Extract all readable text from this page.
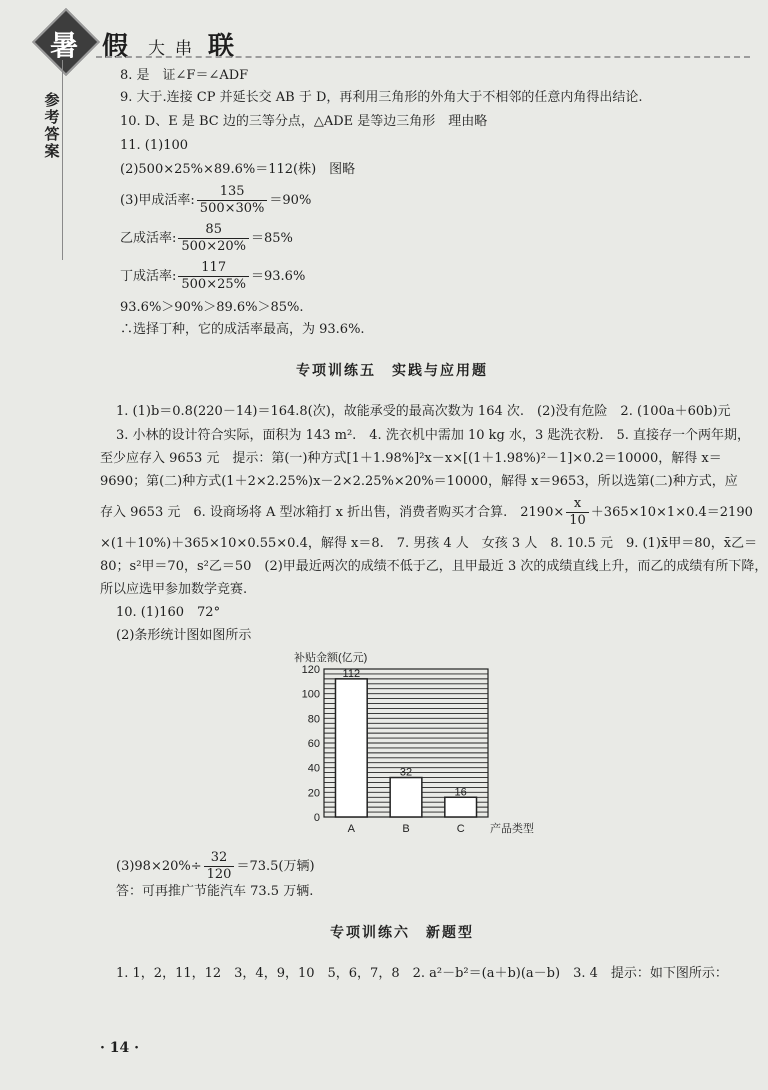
暑 假 大串 联
参考答案
8. 是　证∠F＝∠ADF
9. 大于.连接 CP 并延长交 AB 于 D，再利用三角形的外角大于不相邻的任意内角得出结论.
10. D、E 是 BC 边的三等分点，△ADE 是等边三角形　理由略
11. (1)100
(2)500×25%×89.6%＝112(株)　图略
(3)甲成活率: $\frac{135}{500\times 30\%} =90\%$
乙成活率: $\frac{85}{500\times 20\%} =85\%$
丁成活率: $\frac{117}{500\times 25\%} =93.6\%$
93.6%＞90%＞89.6%＞85%.
∴选择丁种，它的成活率最高，为 93.6%.
专项训练五　实践与应用题
1. (1)b＝0.8(220－14)＝164.8(次)，故能承受的最高次数为 164 次.　(2)没有危险　2. (100a＋60b)元
3. 小林的设计符合实际，面积为 143 m².　4. 洗衣机中需加 10 kg 水，3 匙洗衣粉.　5. 直接存一个两年期，
至少应存入 9653 元　提示：第(一)种方式[1＋1.98%]²x－x×[(1＋1.98%)²－1]×0.2＝10000，解得 x＝
9690；第(二)种方式(1＋2×2.25%)x－2×2.25%×20%＝10000，解得 x＝9653，所以选第(二)种方式，应
存入 9653 元　6. 设商场将 A 型冰箱打 x 折出售，消费者购买才合算.　$2190\times \frac{x}{10} +365\times 10\times 1\times 0.4=2190$
×(1＋10%)＋365×10×0.55×0.4，解得 x＝8.　7. 男孩 4 人　女孩 3 人　8. 10.5 元　9. (1)x̄甲＝80，x̄乙＝
80；s²甲＝70，s²乙＝50　(2)甲最近两次的成绩不低于乙，且甲最近 3 次的成绩直线上升，而乙的成绩有所下降，
所以应选甲参加数学竞赛.
10. (1)160　72°
(2)条形统计图如图所示
0
20
40
60
80
100
120 112
A
32
B
16
C
补贴金额(亿元)
产品类型
$(3)98\times 20\%\div \frac{32}{120} =73.5$(万辆)
答：可再推广节能汽车 73.5 万辆.
专项训练六　新题型
1. 1，2，11，12　3，4，9，10　5，6，7，8　2. a²－b²＝(a＋b)(a－b)　3. 4　提示：如下图所示：
· 14 ·
